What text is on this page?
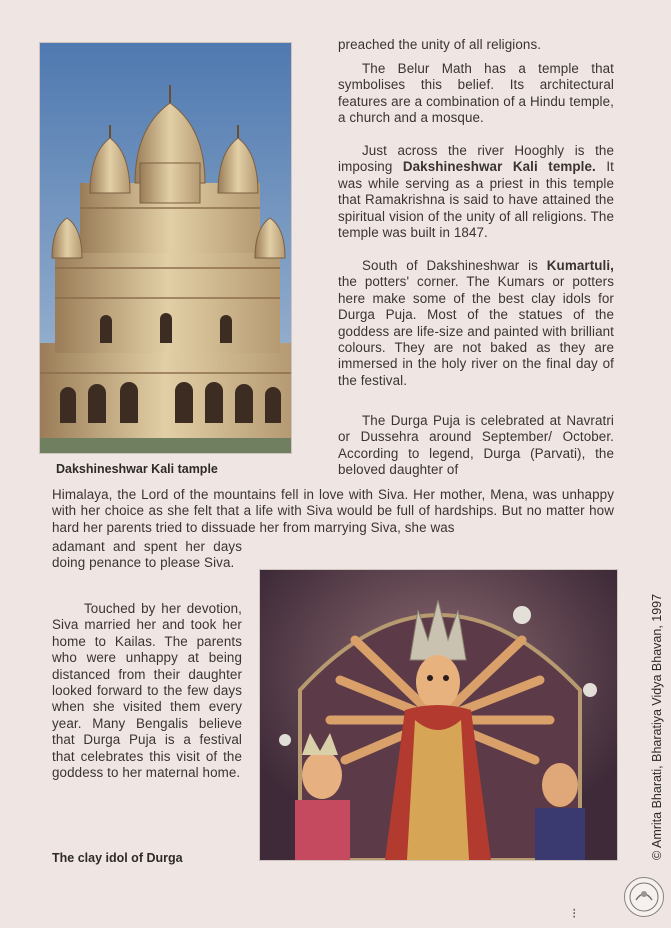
Dakshineshwar Kali tample

preached the unity of all religions.

The Belur Math has a temple that symbolises this belief. Its architectural features are a combination of a Hindu temple, a church and a mosque.

Just across the river Hooghly is the imposing Dakshineshwar Kali temple. It was while serving as a priest in this temple that Ramakrishna is said to have attained the spiritual vision of the unity of all religions. The temple was built in 1847.

South of Dakshineshwar is Kumartuli, the potters' corner. The Kumars or potters here make some of the best clay idols for Durga Puja. Most of the statues of the goddess are life-size and painted with brilliant colours. They are not baked as they are immersed in the holy river on the final day of the festival.

The Durga Puja is celebrated at Navratri or Dussehra around September/ October. According to legend, Durga (Parvati), the beloved daughter of

Himalaya, the Lord of the mountains fell in love with Siva. Her mother, Mena, was unhappy with her choice as she felt that a life with Siva would be full of hardships. But no matter how hard her parents tried to dissuade her from marrying Siva, she was

adamant and spent her days doing penance to please Siva.

Touched by her devotion, Siva married her and took her home to Kailas. The parents who were unhappy at being distanced from their daughter looked forward to the few days when she visited them every year. Many Bengalis believe that Durga Puja is a festival that celebrates this visit of the goddess to her maternal home.

The clay idol of Durga	© Amrita Bharati, Bharatiya Vidya Bhavan, 1997
⁝
